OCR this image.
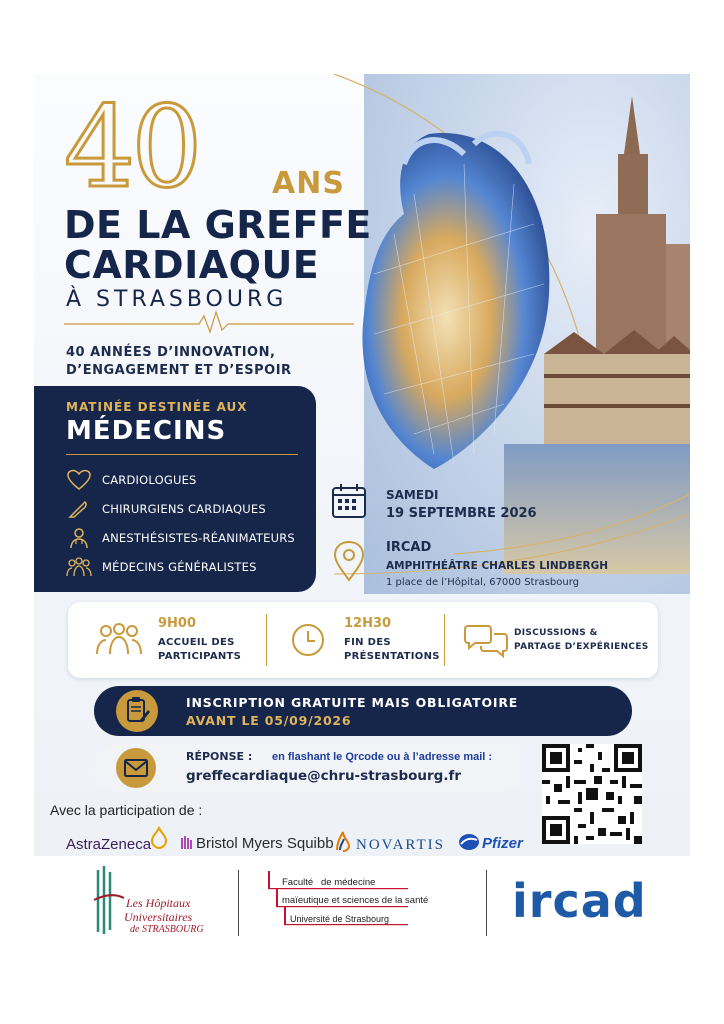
40 ANS
DE LA GREFFE
CARDIAQUE
À STRASBOURG
40 ANNÉES D’INNOVATION,
D’ENGAGEMENT ET D’ESPOIR
MATINÉE DESTINÉE AUX
MÉDECINS
CARDIOLOGUES
CHIRURGIENS CARDIAQUES
ANESTHÉSISTES-RÉANIMATEURS
MÉDECINS GÉNÉRALISTES
SAMEDI
19 SEPTEMBRE 2026
IRCAD
AMPHITHÉÂTRE CHARLES LINDBERGH
1 place de l’Hôpital, 67000 Strasbourg
9H00
ACCUEIL DES
PARTICIPANTS
12H30
FIN DES
PRÉSENTATIONS
DISCUSSIONS &
PARTAGE D’EXPÉRIENCES
INSCRIPTION GRATUITE MAIS OBLIGATOIRE
AVANT LE 05/09/2026
RÉPONSE : en flashant le Qrcode ou à l’adresse mail :
greffecardiaque@chru-strasbourg.fr
Avec la participation de :
AstraZeneca	Bristol Myers Squibb NOVARTIS Pfizer
Les Hôpitaux
Universitaires
de STRASBOURG
Faculté de médecine
maïeutique et sciences de la santé
Université de Strasbourg	ircad
